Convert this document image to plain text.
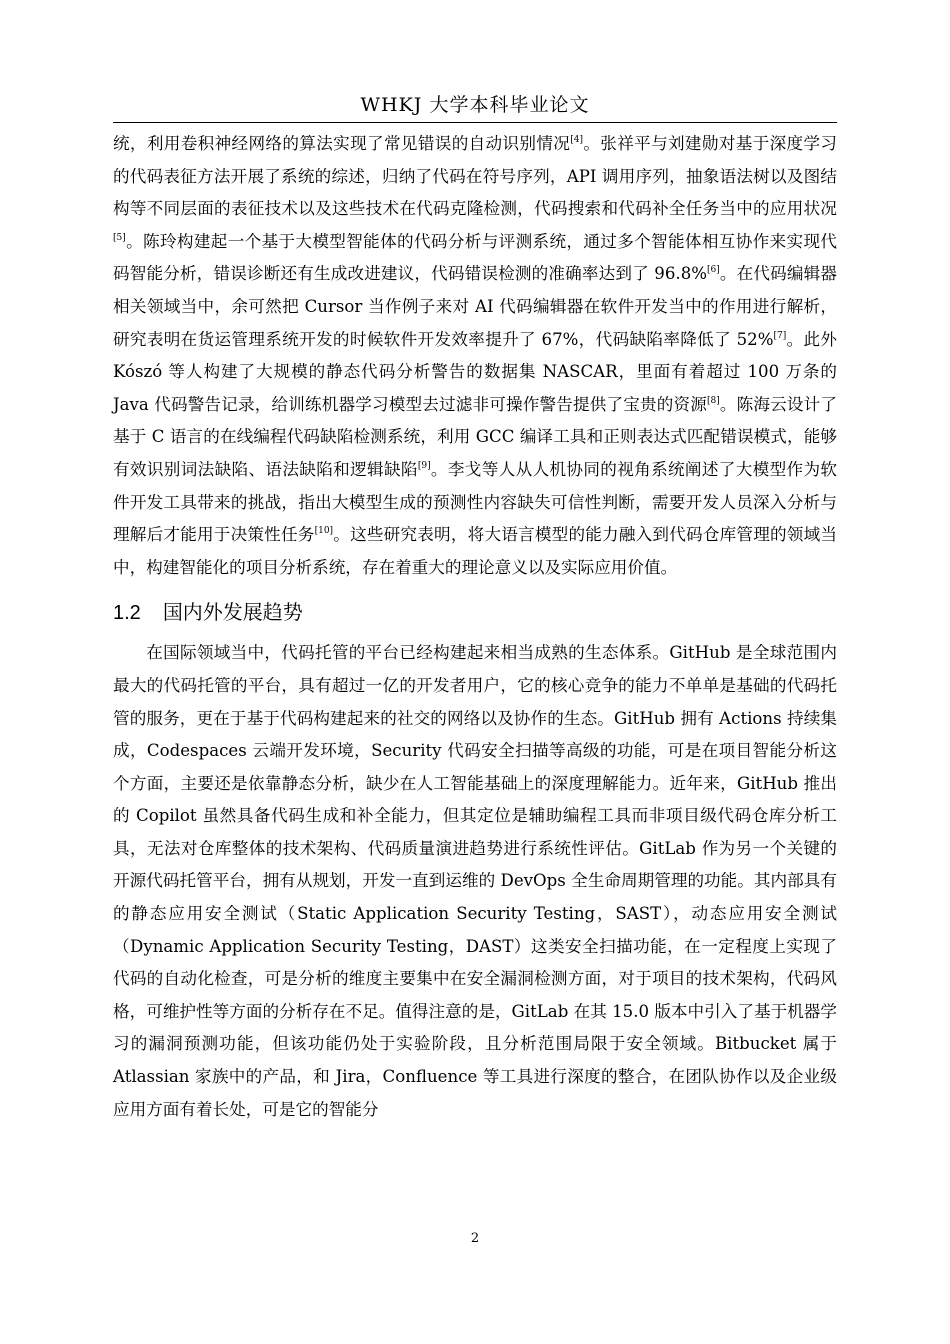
WHKJ 大学本科毕业论文

统，利用卷积神经网络的算法实现了常见错误的自动识别情况[4]。张祥平与刘建勋对基于深度学习的代码表征方法开展了系统的综述，归纳了代码在符号序列，API 调用序列，抽象语法树以及图结构等不同层面的表征技术以及这些技术在代码克隆检测，代码搜索和代码补全任务当中的应用状况[5]。陈玲构建起一个基于大模型智能体的代码分析与评测系统，通过多个智能体相互协作来实现代码智能分析，错误诊断还有生成改进建议，代码错误检测的准确率达到了 96.8%[6]。在代码编辑器相关领域当中，余可然把 Cursor 当作例子来对 AI 代码编辑器在软件开发当中的作用进行解析，研究表明在货运管理系统开发的时候软件开发效率提升了 67%，代码缺陷率降低了 52%[7]。此外 Kószó 等人构建了大规模的静态代码分析警告的数据集 NASCAR，里面有着超过 100 万条的 Java 代码警告记录，给训练机器学习模型去过滤非可操作警告提供了宝贵的资源[8]。陈海云设计了基于 C 语言的在线编程代码缺陷检测系统，利用 GCC 编译工具和正则表达式匹配错误模式，能够有效识别词法缺陷、语法缺陷和逻辑缺陷[9]。李戈等人从人机协同的视角系统阐述了大模型作为软件开发工具带来的挑战，指出大模型生成的预测性内容缺失可信性判断，需要开发人员深入分析与理解后才能用于决策性任务[10]。这些研究表明，将大语言模型的能力融入到代码仓库管理的领域当中，构建智能化的项目分析系统，存在着重大的理论意义以及实际应用价值。

1.2 国内外发展趋势

在国际领域当中，代码托管的平台已经构建起来相当成熟的生态体系。GitHub 是全球范围内最大的代码托管的平台，具有超过一亿的开发者用户，它的核心竞争的能力不单单是基础的代码托管的服务，更在于基于代码构建起来的社交的网络以及协作的生态。GitHub 拥有 Actions 持续集成，Codespaces 云端开发环境，Security 代码安全扫描等高级的功能，可是在项目智能分析这个方面，主要还是依靠静态分析，缺少在人工智能基础上的深度理解能力。近年来，GitHub 推出的 Copilot 虽然具备代码生成和补全能力，但其定位是辅助编程工具而非项目级代码仓库分析工具，无法对仓库整体的技术架构、代码质量演进趋势进行系统性评估。GitLab 作为另一个关键的开源代码托管平台，拥有从规划，开发一直到运维的 DevOps 全生命周期管理的功能。其内部具有的静态应用安全测试（Static Application Security Testing，SAST），动态应用安全测试（Dynamic Application Security Testing，DAST）这类安全扫描功能，在一定程度上实现了代码的自动化检查，可是分析的维度主要集中在安全漏洞检测方面，对于项目的技术架构，代码风格，可维护性等方面的分析存在不足。值得注意的是，GitLab 在其 15.0 版本中引入了基于机器学习的漏洞预测功能，但该功能仍处于实验阶段，且分析范围局限于安全领域。Bitbucket 属于 Atlassian 家族中的产品，和 Jira，Confluence 等工具进行深度的整合，在团队协作以及企业级应用方面有着长处，可是它的智能分

2
